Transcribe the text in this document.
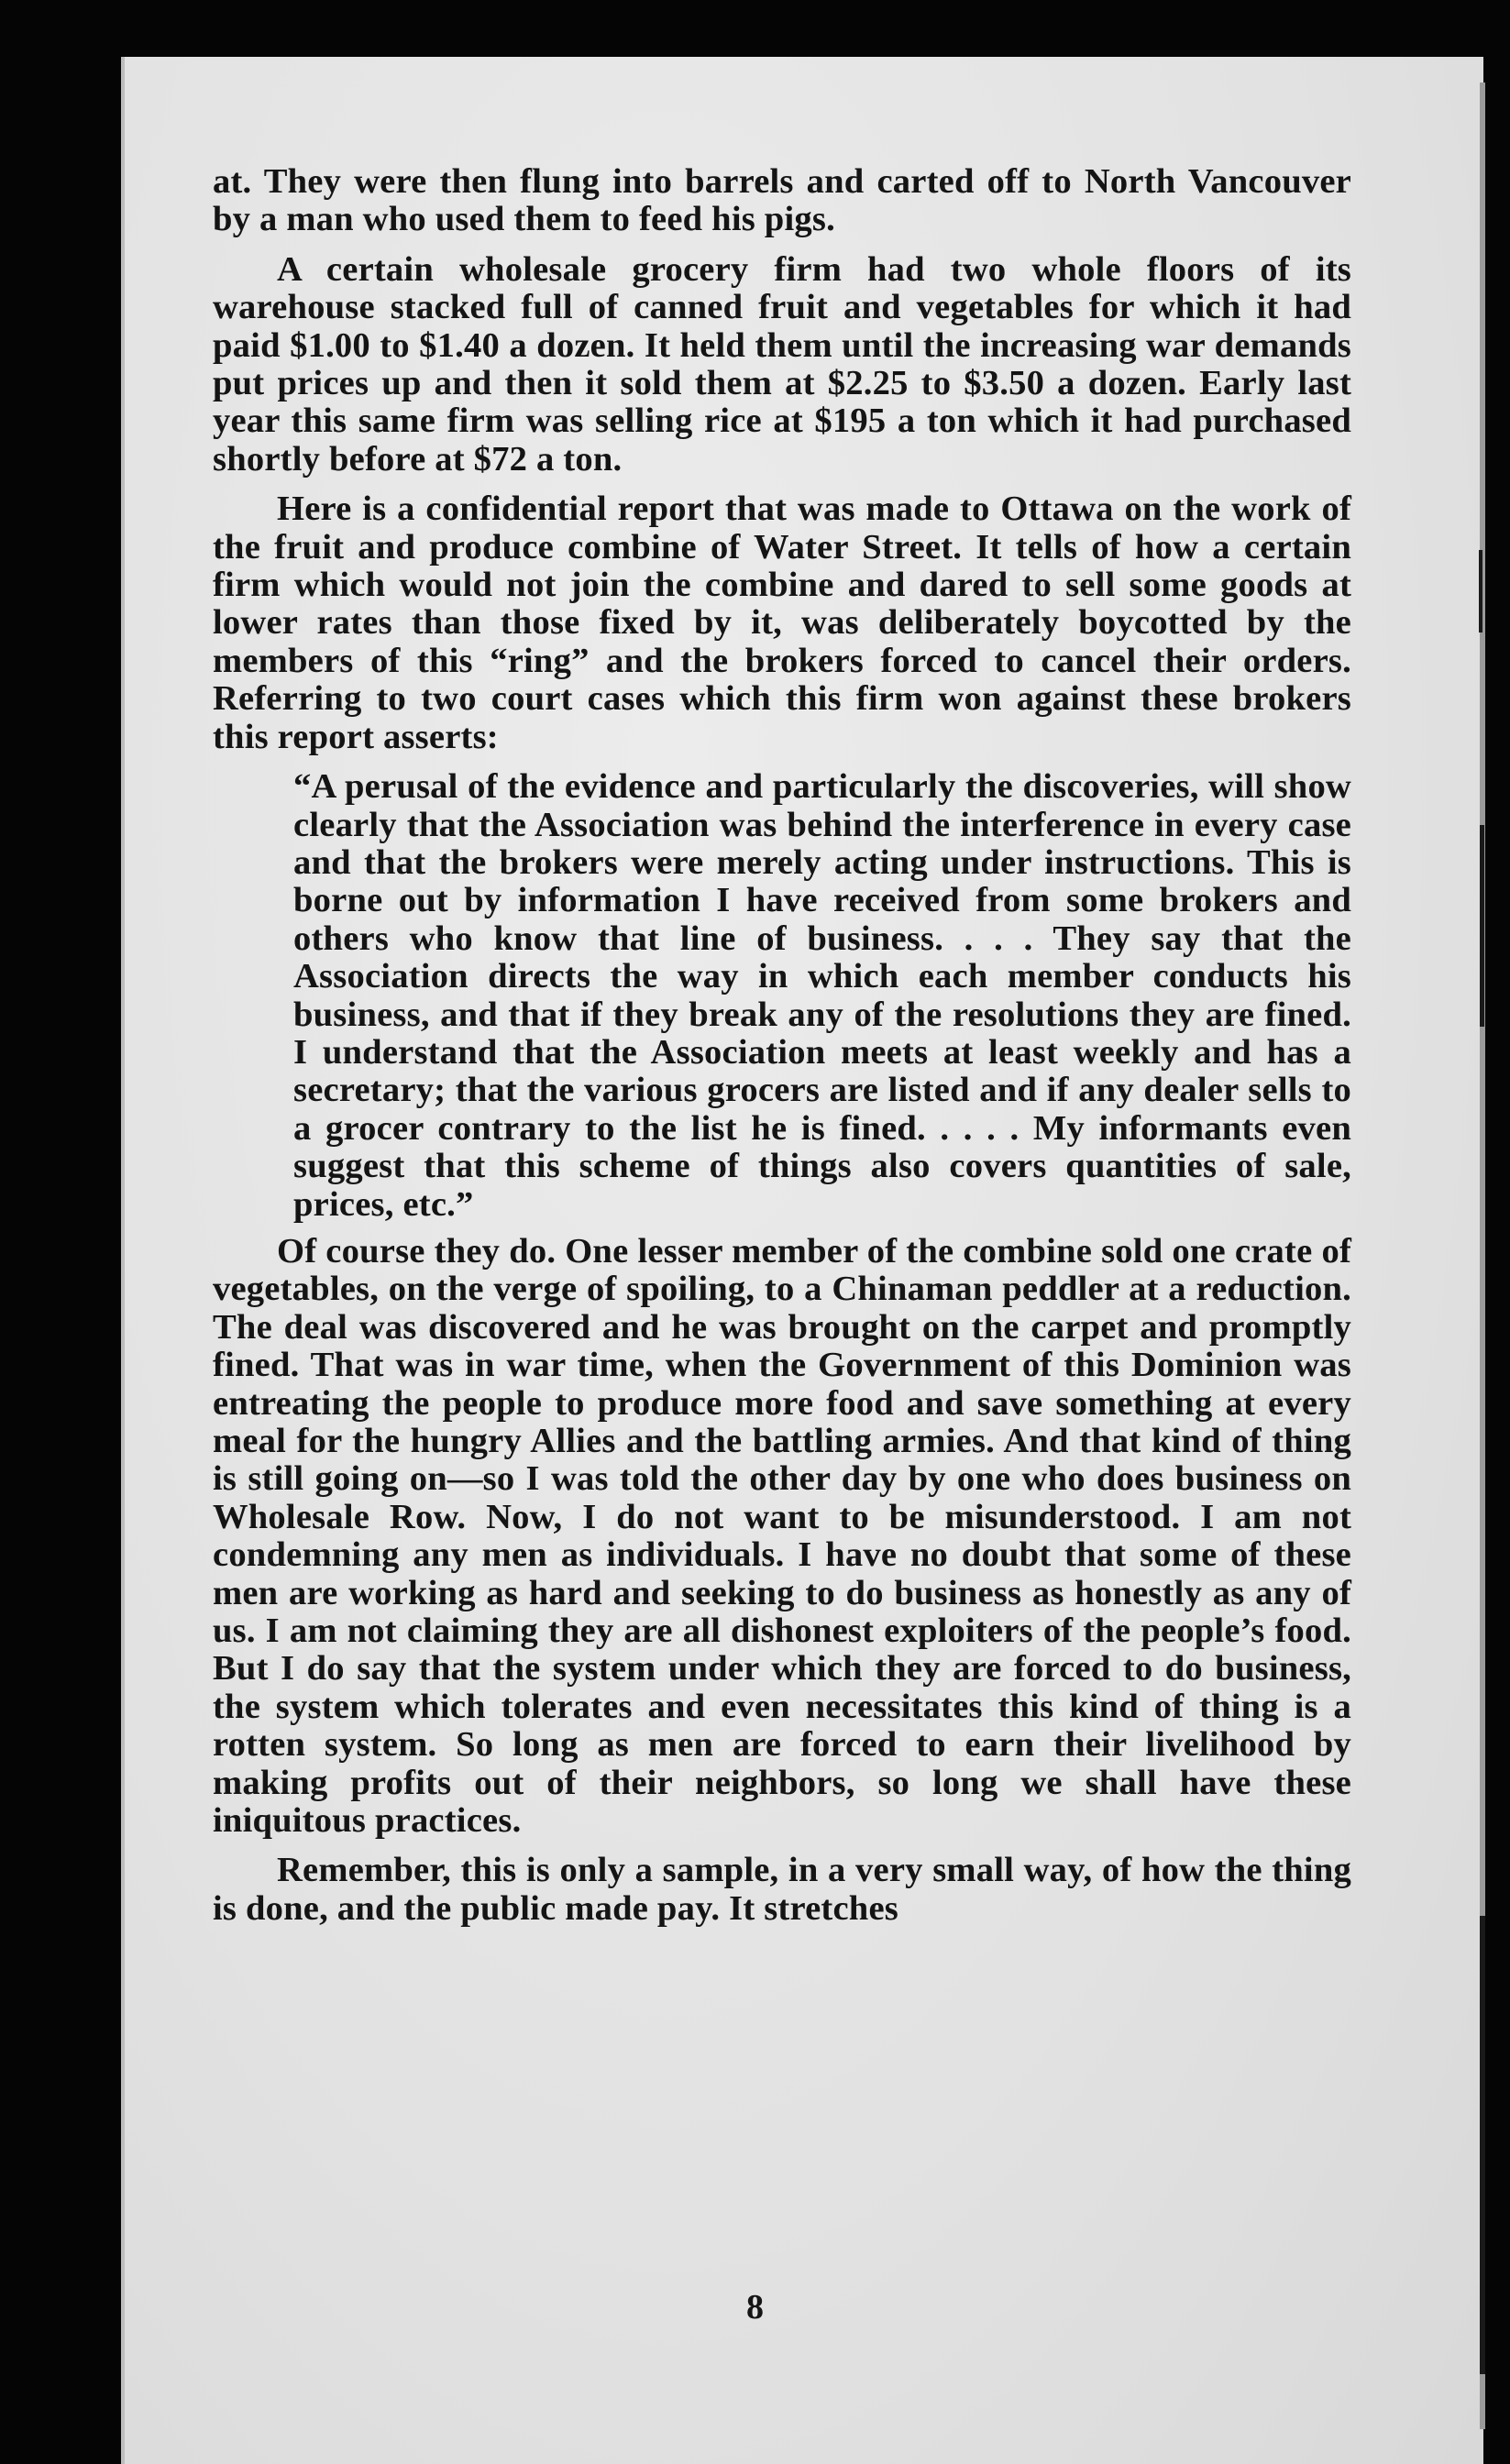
at. They were then flung into barrels and carted off to North Vancouver by a man who used them to feed his pigs.

A certain wholesale grocery firm had two whole floors of its warehouse stacked full of canned fruit and vegetables for which it had paid $1.00 to $1.40 a dozen. It held them until the increasing war demands put prices up and then it sold them at $2.25 to $3.50 a dozen. Early last year this same firm was selling rice at $195 a ton which it had purchased shortly before at $72 a ton.

Here is a confidential report that was made to Ottawa on the work of the fruit and produce combine of Water Street. It tells of how a certain firm which would not join the combine and dared to sell some goods at lower rates than those fixed by it, was deliberately boycotted by the members of this “ring” and the brokers forced to cancel their orders. Referring to two court cases which this firm won against these brokers this report asserts:

“A perusal of the evidence and particularly the discoveries, will show clearly that the Association was behind the interference in every case and that the brokers were merely acting under instructions. This is borne out by information I have received from some brokers and others who know that line of business. . . . They say that the Association directs the way in which each member conducts his business, and that if they break any of the resolutions they are fined. I understand that the Association meets at least weekly and has a secretary; that the various grocers are listed and if any dealer sells to a grocer contrary to the list he is fined. . . . . My informants even suggest that this scheme of things also covers quantities of sale, prices, etc.”

Of course they do. One lesser member of the combine sold one crate of vegetables, on the verge of spoiling, to a Chinaman peddler at a reduction. The deal was discovered and he was brought on the carpet and promptly fined. That was in war time, when the Government of this Dominion was entreating the people to produce more food and save something at every meal for the hungry Allies and the battling armies. And that kind of thing is still going on—so I was told the other day by one who does business on Wholesale Row. Now, I do not want to be misunderstood. I am not condemning any men as individuals. I have no doubt that some of these men are working as hard and seeking to do business as honestly as any of us. I am not claiming they are all dishonest exploiters of the people’s food. But I do say that the system under which they are forced to do business, the system which tolerates and even necessitates this kind of thing is a rotten system. So long as men are forced to earn their livelihood by making profits out of their neighbors, so long we shall have these iniquitous practices.

Remember, this is only a sample, in a very small way, of how the thing is done, and the public made pay. It stretches

8
